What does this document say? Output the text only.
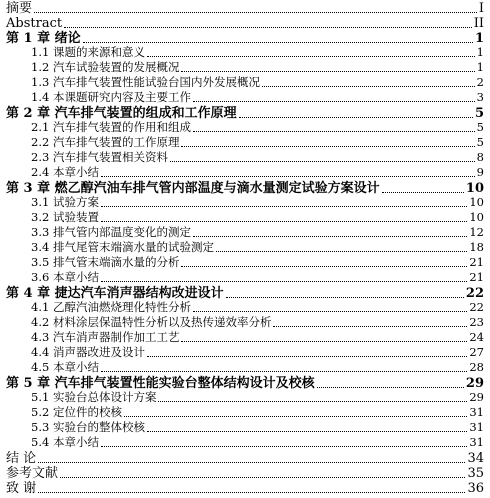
摘要	I
Abstract	II
第 1 章 绪论	1
1.1 课题的来源和意义	1
1.2 汽车试验装置的发展概况	1
1.3 汽车排气装置性能试验台国内外发展概况	2
1.4 本课题研究内容及主要工作	3
第 2 章 汽车排气装置的组成和工作原理	5
2.1 汽车排气装置的作用和组成	5
2.2 汽车排气装置的工作原理	5
2.3 汽车排气装置相关资料	8
2.4 本章小结	9
第 3 章 燃乙醇汽油车排气管内部温度与滴水量测定试验方案设计	10
3.1 试验方案	10
3.2 试验装置	10
3.3 排气管内部温度变化的测定	12
3.4 排气尾管末端滴水量的试验测定	18
3.5 排气管末端滴水量的分析	21
3.6 本章小结	21
第 4 章 捷达汽车消声器结构改进设计	22
4.1 乙醇汽油燃烧理化特性分析	22
4.2 材料涂层保温特性分析以及热传递效率分析	23
4.3 汽车消声器制作加工工艺	24
4.4 消声器改进及设计	27
4.5 本章小结	28
第 5 章 汽车排气装置性能实验台整体结构设计及校核	29
5.1 实验台总体设计方案	29
5.2 定位件的校核	31
5.3 实验台的整体校核	31
5.4 本章小结	31
结 论	34
参考文献	35
致 谢	36
